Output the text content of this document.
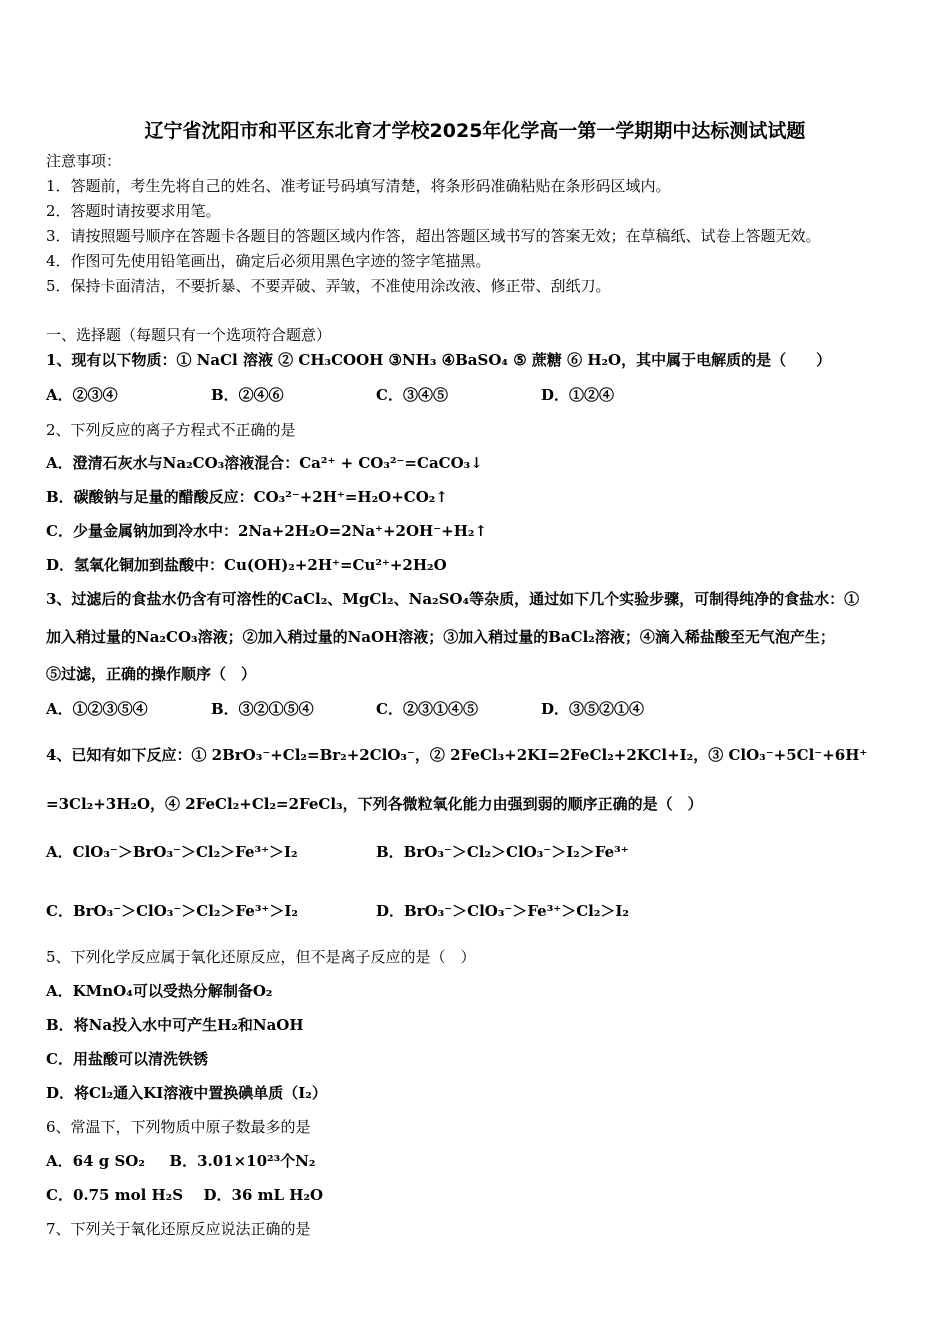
辽宁省沈阳市和平区东北育才学校2025年化学高一第一学期期中达标测试试题
注意事项：
1．答题前，考生先将自己的姓名、准考证号码填写清楚，将条形码准确粘贴在条形码区域内。
2．答题时请按要求用笔。
3．请按照题号顺序在答题卡各题目的答题区域内作答，超出答题区域书写的答案无效；在草稿纸、试卷上答题无效。
4．作图可先使用铅笔画出，确定后必须用黑色字迹的签字笔描黑。
5．保持卡面清洁，不要折暴、不要弄破、弄皱，不准使用涂改液、修正带、刮纸刀。
一、选择题（每题只有一个选项符合题意）
1、现有以下物质：① NaCl 溶液 ② CH₃COOH ③NH₃ ④BaSO₄ ⑤ 蔗糖 ⑥ H₂O，其中属于电解质的是（　　）
A．②③④	B．②④⑥	C．③④⑤	D．①②④
2、下列反应的离子方程式不正确的是
A．澄清石灰水与Na₂CO₃溶液混合：Ca²⁺ + CO₃²⁻=CaCO₃↓
B．碳酸钠与足量的醋酸反应：CO₃²⁻+2H⁺=H₂O+CO₂↑
C．少量金属钠加到冷水中：2Na+2H₂O=2Na⁺+2OH⁻+H₂↑
D．氢氧化铜加到盐酸中：Cu(OH)₂+2H⁺=Cu²⁺+2H₂O
3、过滤后的食盐水仍含有可溶性的CaCl₂、MgCl₂、Na₂SO₄等杂质，通过如下几个实验步骤，可制得纯净的食盐水：①
加入稍过量的Na₂CO₃溶液；②加入稍过量的NaOH溶液；③加入稍过量的BaCl₂溶液；④滴入稀盐酸至无气泡产生；
⑤过滤，正确的操作顺序（　）
A．①②③⑤④	B．③②①⑤④	C．②③①④⑤	D．③⑤②①④
4、已知有如下反应：① 2BrO₃⁻+Cl₂=Br₂+2ClO₃⁻，② 2FeCl₃+2KI=2FeCl₂+2KCl+I₂，③ ClO₃⁻+5Cl⁻+6H⁺
=3Cl₂+3H₂O，④ 2FeCl₂+Cl₂=2FeCl₃，下列各微粒氧化能力由强到弱的顺序正确的是（　）
A．ClO₃⁻＞BrO₃⁻＞Cl₂＞Fe³⁺＞I₂	B．BrO₃⁻＞Cl₂＞ClO₃⁻＞I₂＞Fe³⁺
C．BrO₃⁻＞ClO₃⁻＞Cl₂＞Fe³⁺＞I₂	D．BrO₃⁻＞ClO₃⁻＞Fe³⁺＞Cl₂＞I₂
5、下列化学反应属于氧化还原反应，但不是离子反应的是（　）
A．KMnO₄可以受热分解制备O₂
B．将Na投入水中可产生H₂和NaOH
C．用盐酸可以清洗铁锈
D．将Cl₂通入KI溶液中置换碘单质（I₂）
6、常温下，下列物质中原子数最多的是
A．64 g SO₂ B．3.01×10²³个N₂
C．0.75 mol H₂S D．36 mL H₂O
7、下列关于氧化还原反应说法正确的是
